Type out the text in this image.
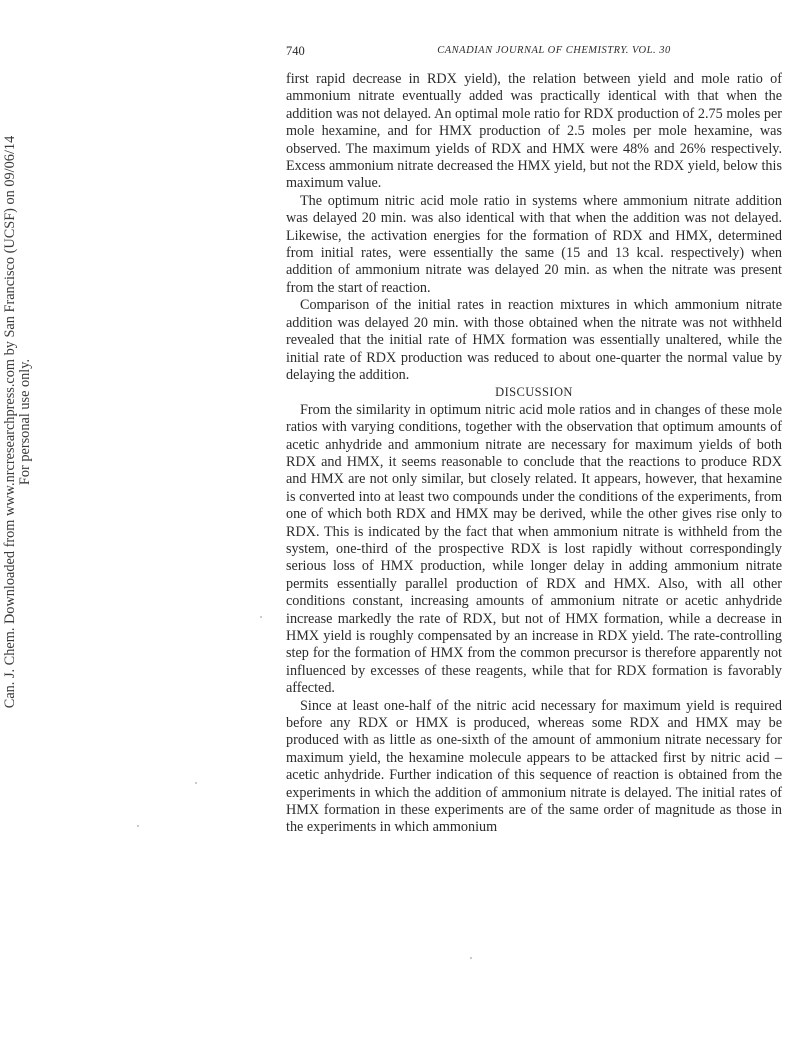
Can. J. Chem. Downloaded from www.nrcresearchpress.com by San Francisco (UCSF) on 09/06/14 For personal use only.
740	CANADIAN JOURNAL OF CHEMISTRY. VOL. 30

first rapid decrease in RDX yield), the relation between yield and mole ratio of ammonium nitrate eventually added was practically identical with that when the addition was not delayed. An optimal mole ratio for RDX production of 2.75 moles per mole hexamine, and for HMX production of 2.5 moles per mole hexamine, was observed. The maximum yields of RDX and HMX were 48% and 26% respectively. Excess ammonium nitrate decreased the HMX yield, but not the RDX yield, below this maximum value.

The optimum nitric acid mole ratio in systems where ammonium nitrate addition was delayed 20 min. was also identical with that when the addition was not delayed. Likewise, the activation energies for the formation of RDX and HMX, determined from initial rates, were essentially the same (15 and 13 kcal. respectively) when addition of ammonium nitrate was delayed 20 min. as when the nitrate was present from the start of reaction.

Comparison of the initial rates in reaction mixtures in which ammonium nitrate addition was delayed 20 min. with those obtained when the nitrate was not withheld revealed that the initial rate of HMX formation was essentially unaltered, while the initial rate of RDX production was reduced to about one-quarter the normal value by delaying the addition.

DISCUSSION

From the similarity in optimum nitric acid mole ratios and in changes of these mole ratios with varying conditions, together with the observation that optimum amounts of acetic anhydride and ammonium nitrate are necessary for maximum yields of both RDX and HMX, it seems reasonable to conclude that the reactions to produce RDX and HMX are not only similar, but closely related. It appears, however, that hexamine is converted into at least two compounds under the conditions of the experiments, from one of which both RDX and HMX may be derived, while the other gives rise only to RDX. This is indicated by the fact that when ammonium nitrate is withheld from the system, one-third of the prospective RDX is lost rapidly without correspondingly serious loss of HMX production, while longer delay in adding ammonium nitrate permits essentially parallel production of RDX and HMX. Also, with all other conditions constant, increasing amounts of ammonium nitrate or acetic anhydride increase markedly the rate of RDX, but not of HMX formation, while a decrease in HMX yield is roughly compensated by an increase in RDX yield. The rate-controlling step for the formation of HMX from the common precursor is therefore apparently not influenced by excesses of these reagents, while that for RDX formation is favorably affected.

Since at least one-half of the nitric acid necessary for maximum yield is required before any RDX or HMX is produced, whereas some RDX and HMX may be produced with as little as one-sixth of the amount of ammonium nitrate necessary for maximum yield, the hexamine molecule appears to be attacked first by nitric acid – acetic anhydride. Further indication of this sequence of reaction is obtained from the experiments in which the addition of ammonium nitrate is delayed. The initial rates of HMX formation in these experiments are of the same order of magnitude as those in the experiments in which ammonium
